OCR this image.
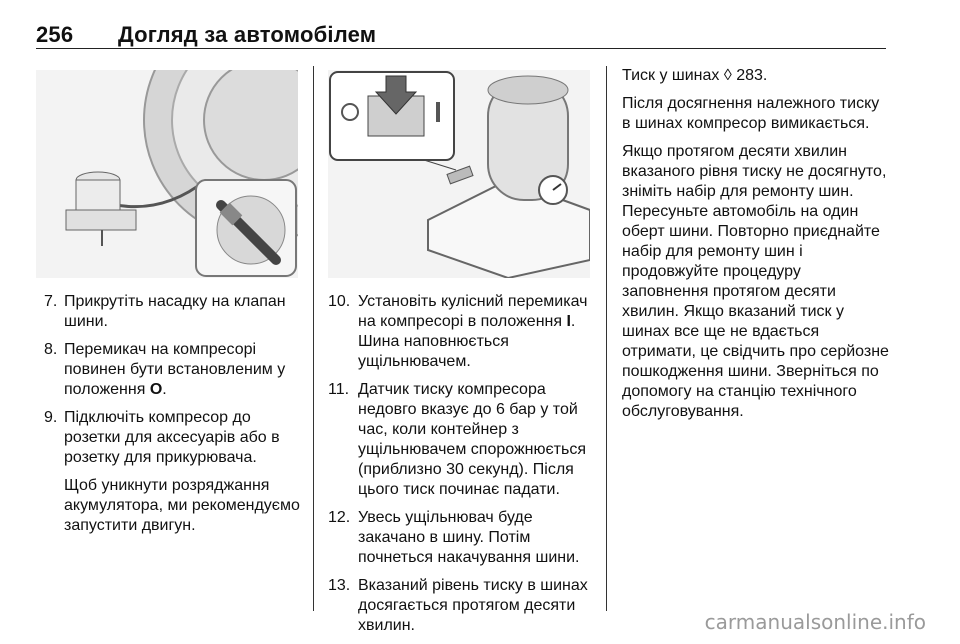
256 Догляд за автомобілем
7. Прикрутіть насадку на клапан шини.
8. Перемикач на компресорі повинен бути встановленим у положення O.
9. Підключіть компресор до розетки для аксесуарів або в розетку для прикурювача.
Щоб уникнути розряджання акумулятора, ми рекомендуємо запустити двигун.
10. Установіть кулісний перемикач на компресорі в положення I. Шина наповнюється ущільнювачем.
11. Датчик тиску компресора недовго вказує до 6 бар у той час, коли контейнер з ущільнювачем спорожнюється (приблизно 30 секунд). Після цього тиск починає падати.
12. Увесь ущільнювач буде закачано в шину. Потім почнеться накачування шини.
13. Вказаний рівень тиску в шинах досягається протягом десяти хвилин.

Тиск у шинах ◊ 283.

Після досягнення належного тиску в шинах компресор вимикається.

Якщо протягом десяти хвилин вказаного рівня тиску не досягнуто, зніміть набір для ремонту шин. Пересуньте автомобіль на один оберт шини. Повторно приєднайте набір для ремонту шин і продовжуйте процедуру заповнення протягом десяти хвилин. Якщо вказаний тиск у шинах все ще не вдається отримати, це свідчить про серйозне пошкодження шини. Зверніться по допомогу на станцію технічного обслуговування.

carmanualsonline.info
